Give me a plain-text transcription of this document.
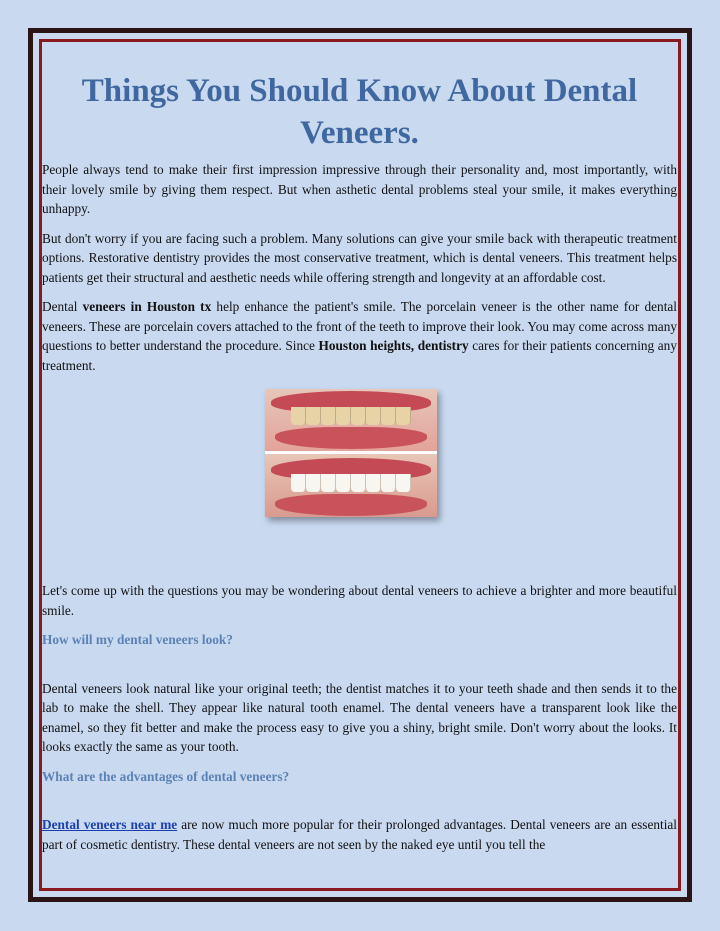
Things You Should Know About Dental Veneers.

People always tend to make their first impression impressive through their personality and, most importantly, with their lovely smile by giving them respect. But when asthetic dental problems steal your smile, it makes everything unhappy.

But don't worry if you are facing such a problem. Many solutions can give your smile back with therapeutic treatment options. Restorative dentistry provides the most conservative treatment, which is dental veneers. This treatment helps patients get their structural and aesthetic needs while offering strength and longevity at an affordable cost.

Dental veneers in Houston tx help enhance the patient's smile. The porcelain veneer is the other name for dental veneers. These are porcelain covers attached to the front of the teeth to improve their look. You may come across many questions to better understand the procedure. Since Houston heights, dentistry cares for their patients concerning any treatment.

Let's come up with the questions you may be wondering about dental veneers to achieve a brighter and more beautiful smile.

How will my dental veneers look?

Dental veneers look natural like your original teeth; the dentist matches it to your teeth shade and then sends it to the lab to make the shell. They appear like natural tooth enamel. The dental veneers have a transparent look like the enamel, so they fit better and make the process easy to give you a shiny, bright smile. Don't worry about the looks. It looks exactly the same as your tooth.

What are the advantages of dental veneers?

Dental veneers near me are now much more popular for their prolonged advantages. Dental veneers are an essential part of cosmetic dentistry. These dental veneers are not seen by the naked eye until you tell the
